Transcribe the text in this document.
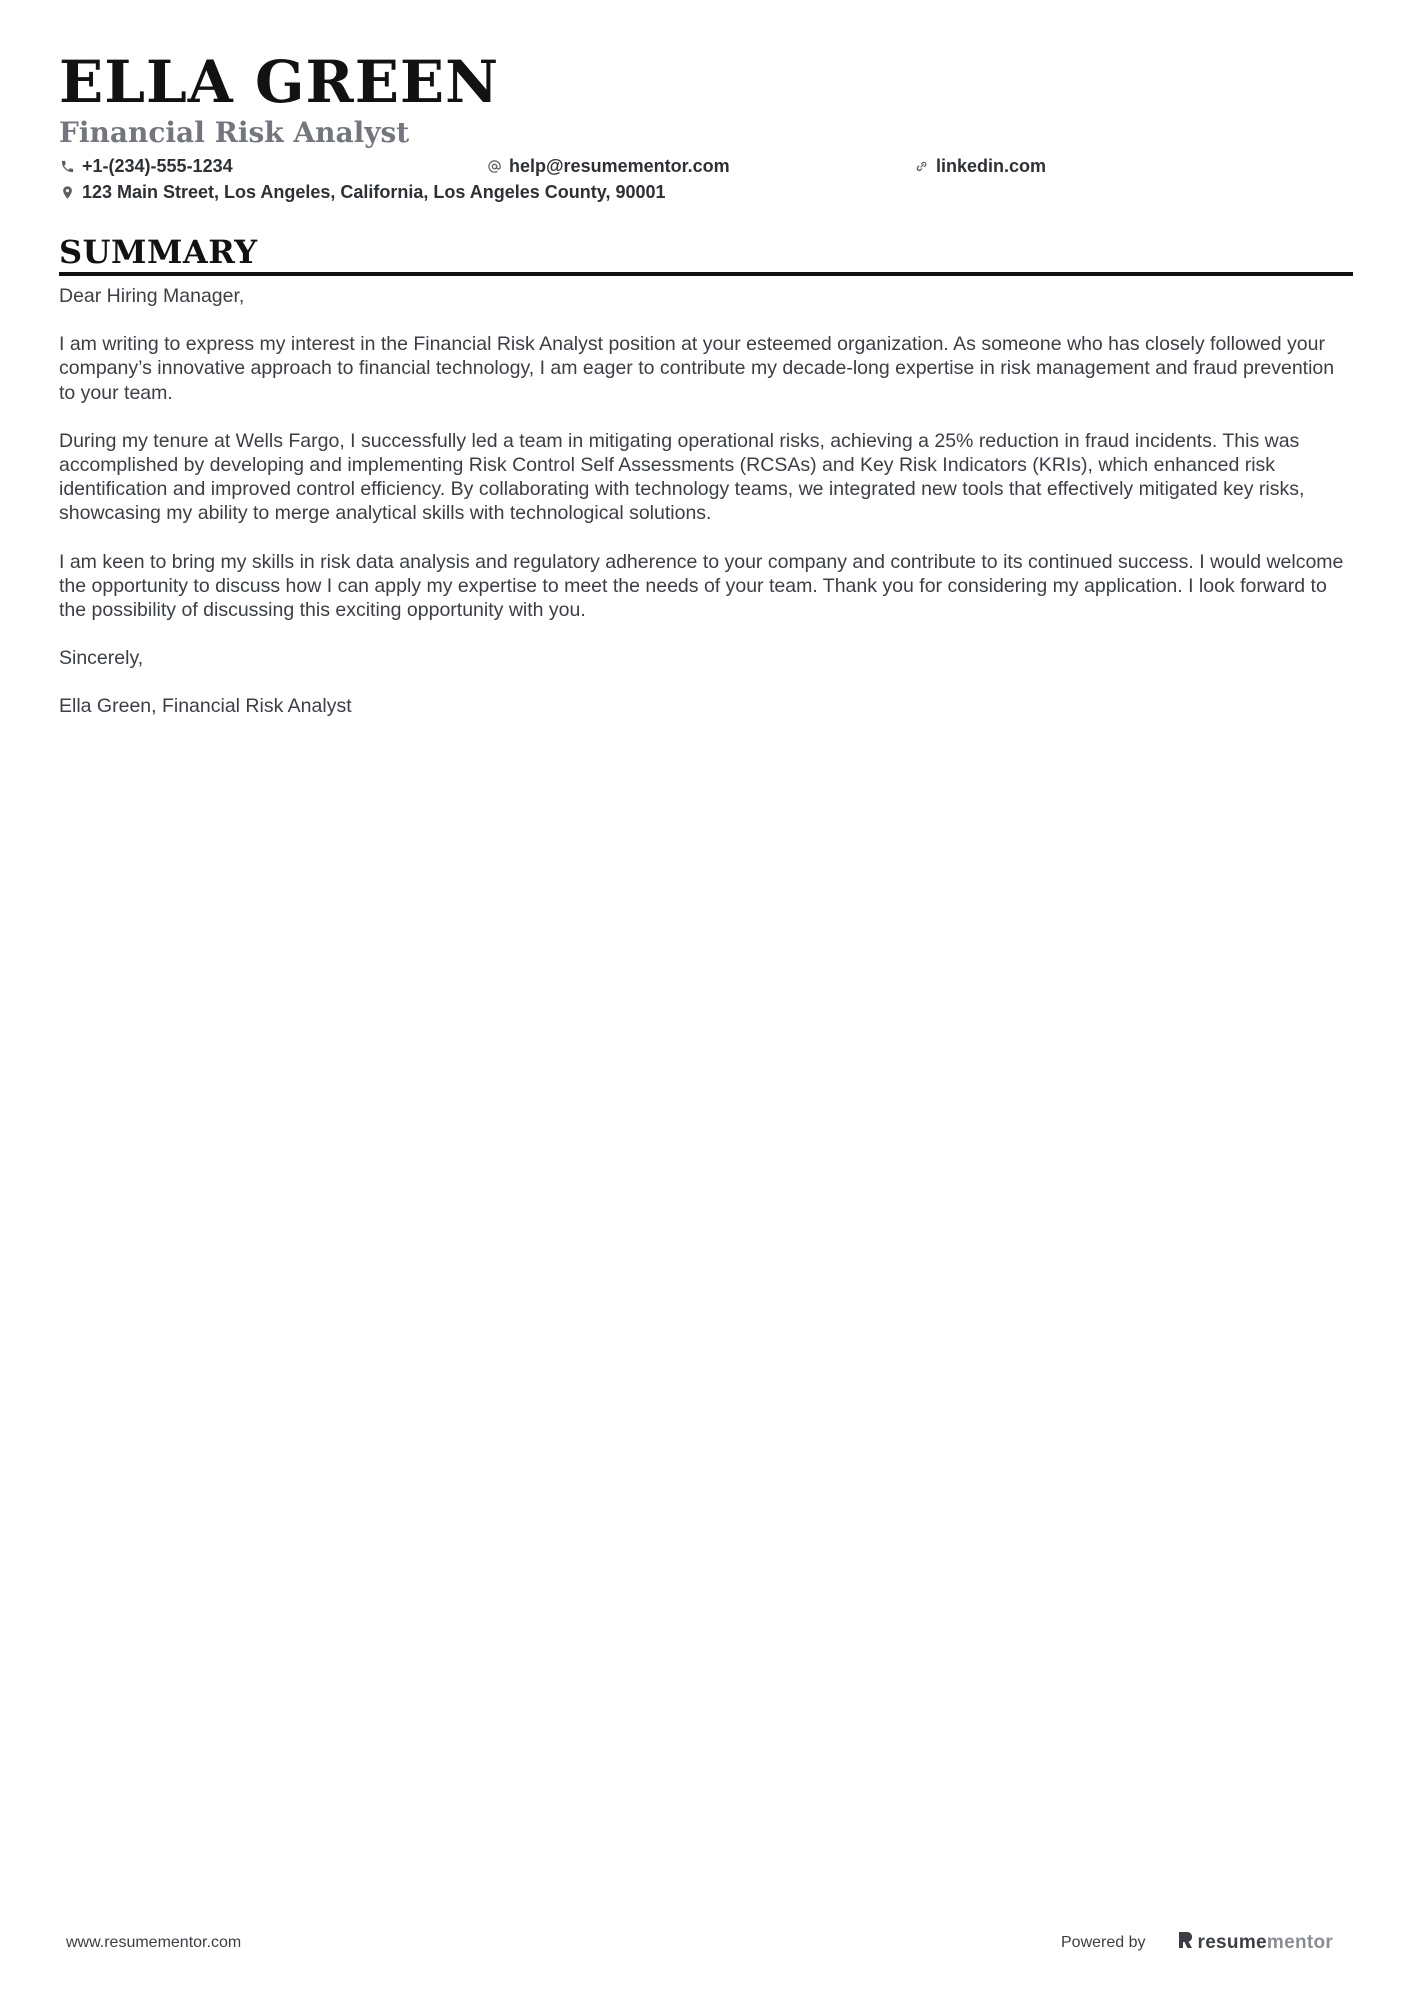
ELLA GREEN
Financial Risk Analyst
+1-(234)-555-1234	help@resumementor.com	linkedin.com
123 Main Street, Los Angeles, California, Los Angeles County, 90001
SUMMARY

Dear Hiring Manager,

I am writing to express my interest in the Financial Risk Analyst position at your esteemed organization. As someone who has closely followed your company’s innovative approach to financial technology, I am eager to contribute my decade-long expertise in risk management and fraud prevention to your team.

During my tenure at Wells Fargo, I successfully led a team in mitigating operational risks, achieving a 25% reduction in fraud incidents. This was accomplished by developing and implementing Risk Control Self Assessments (RCSAs) and Key Risk Indicators (KRIs), which enhanced risk identification and improved control efficiency. By collaborating with technology teams, we integrated new tools that effectively mitigated key risks, showcasing my ability to merge analytical skills with technological solutions.

I am keen to bring my skills in risk data analysis and regulatory adherence to your company and contribute to its continued success. I would welcome the opportunity to discuss how I can apply my expertise to meet the needs of your team. Thank you for considering my application. I look forward to the possibility of discussing this exciting opportunity with you.

Sincerely,

Ella Green, Financial Risk Analyst

www.resumementor.com	Powered by	resume mentor
